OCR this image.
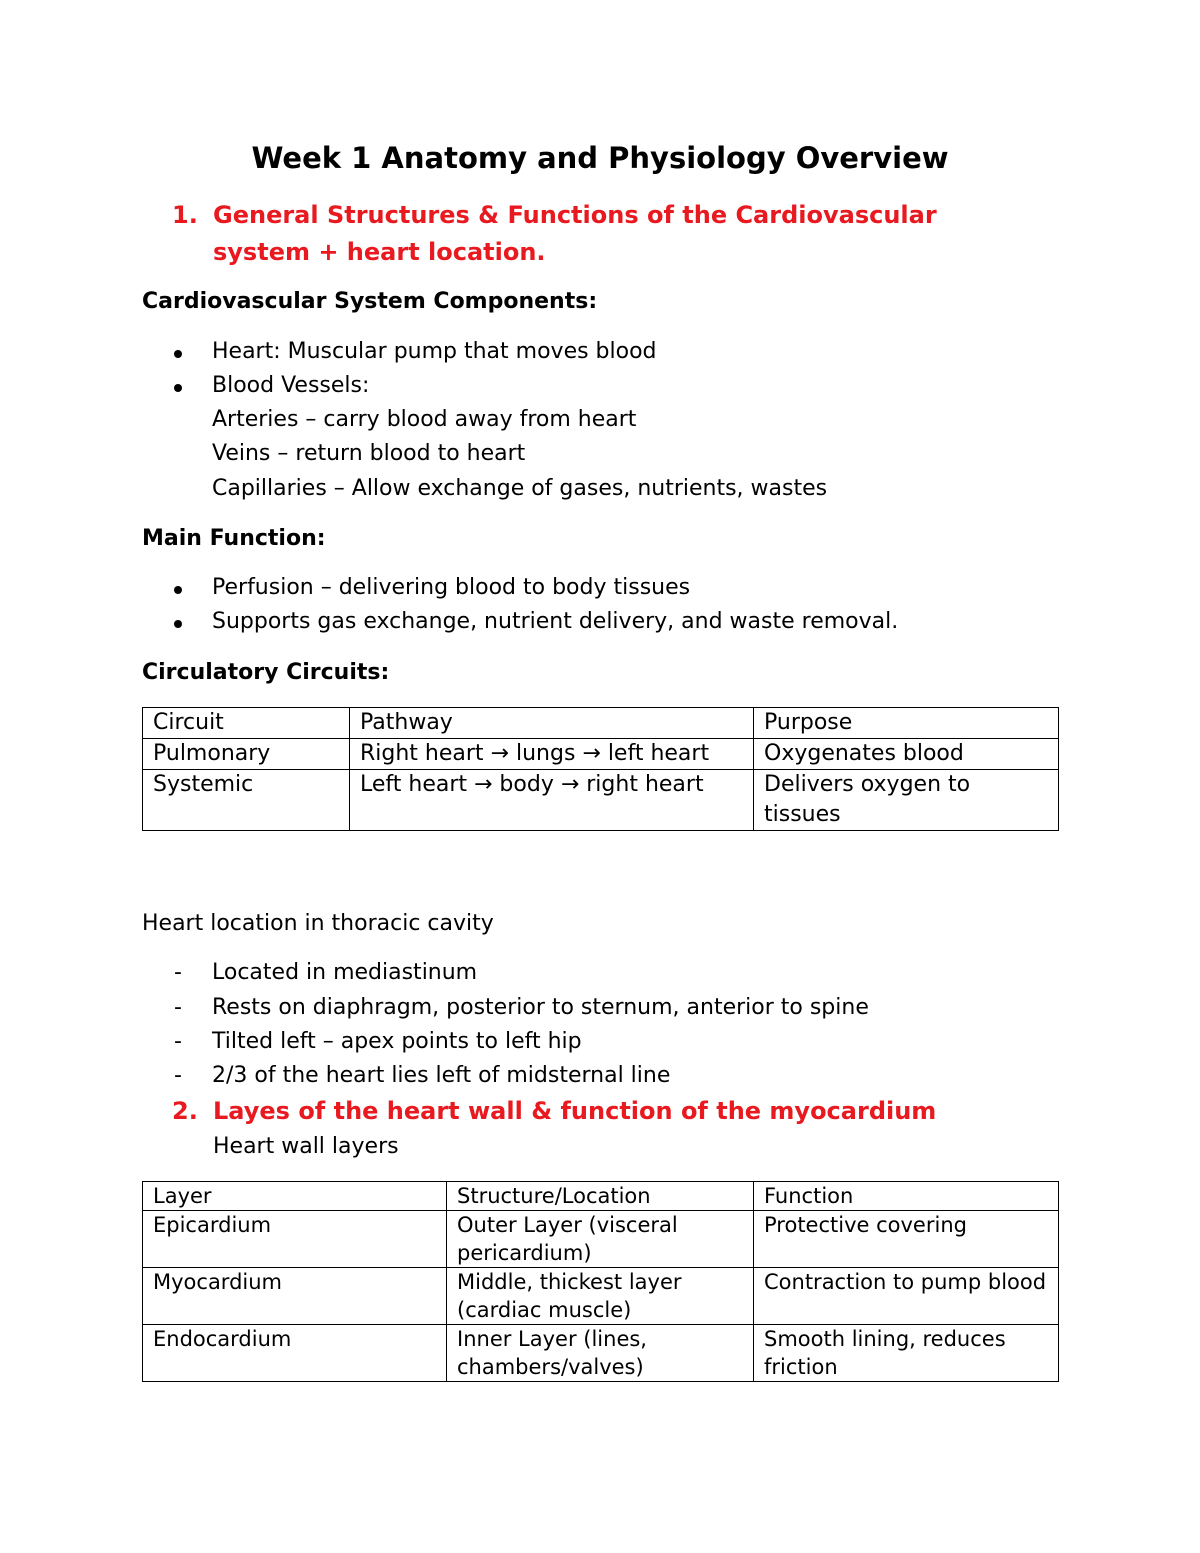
Week 1 Anatomy and Physiology Overview
1. General Structures & Functions of the Cardiovascular
system + heart location.
Cardiovascular System Components:
Heart: Muscular pump that moves blood
Blood Vessels:
Arteries – carry blood away from heart
Veins – return blood to heart
Capillaries – Allow exchange of gases, nutrients, wastes
Main Function:
Perfusion – delivering blood to body tissues
Supports gas exchange, nutrient delivery, and waste removal.
Circulatory Circuits:
Circuit	Pathway	Purpose
Pulmonary	Right heart → lungs → left heart	Oxygenates blood
Systemic	Left heart → body → right heart	Delivers oxygen to tissues
Heart location in thoracic cavity
- Located in mediastinum
- Rests on diaphragm, posterior to sternum, anterior to spine
- Tilted left – apex points to left hip
- 2/3 of the heart lies left of midsternal line
2. Layes of the heart wall & function of the myocardium
Heart wall layers
Layer	Structure/Location	Function
Epicardium	Outer Layer (visceral pericardium)	Protective covering
Myocardium	Middle, thickest layer (cardiac muscle)	Contraction to pump blood
Endocardium	Inner Layer (lines, chambers/valves)	Smooth lining, reduces friction
